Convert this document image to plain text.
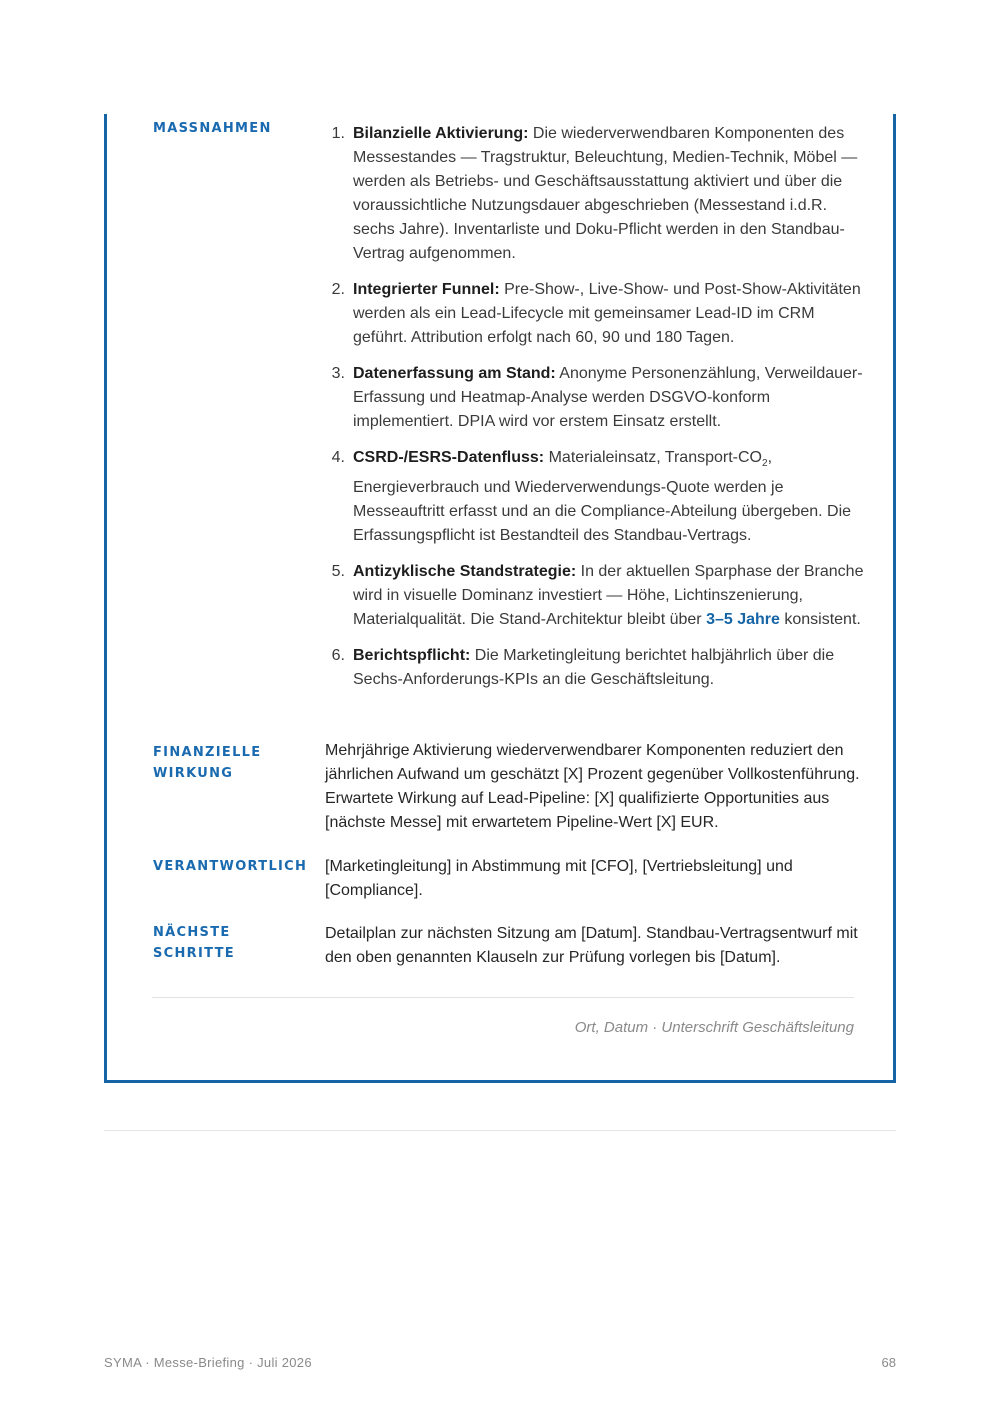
MASSNAHMEN	1. Bilanzielle Aktivierung: Die wiederverwendbaren Komponenten des Messestandes — Tragstruktur, Beleuchtung, Medien-Technik, Möbel — werden als Betriebs- und Geschäftsausstattung aktiviert und über die voraussichtliche Nutzungsdauer abgeschrieben (Messestand i.d.R. sechs Jahre). Inventarliste und Doku-Pflicht werden in den Standbau-Vertrag aufgenommen.
2. Integrierter Funnel: Pre-Show-, Live-Show- und Post-Show-Aktivitäten werden als ein Lead-Lifecycle mit gemeinsamer Lead-ID im CRM geführt. Attribution erfolgt nach 60, 90 und 180 Tagen.
3. Datenerfassung am Stand: Anonyme Personenzählung, Verweildauer-Erfassung und Heatmap-Analyse werden DSGVO-konform implementiert. DPIA wird vor erstem Einsatz erstellt.
4. CSRD-/ESRS-Datenfluss: Materialeinsatz, Transport-$CO_2$, Energieverbrauch und Wiederverwendungs-Quote werden je Messeauftritt erfasst und an die Compliance-Abteilung übergeben. Die Erfassungspflicht ist Bestandteil des Standbau-Vertrags.
5. Antizyklische Standstrategie: In der aktuellen Sparphase der Branche wird in visuelle Dominanz investiert — Höhe, Lichtinszenierung, Materialqualität. Die Stand-Architektur bleibt über 3–5 Jahre konsistent.
6. Berichtspflicht: Die Marketingleitung berichtet halbjährlich über die Sechs-Anforderungs-KPIs an die Geschäftsleitung.
FINANZIELLE
WIRKUNG
Mehrjährige Aktivierung wiederverwendbarer Komponenten reduziert den jährlichen Aufwand um geschätzt [X] Prozent gegenüber Vollkostenführung. Erwartete Wirkung auf Lead-Pipeline: [X] qualifizierte Opportunities aus [nächste Messe] mit erwartetem Pipeline-Wert [X] EUR.
VERANTWORTLICH [Marketingleitung] in Abstimmung mit [CFO], [Vertriebsleitung] und [Compliance].
NÄCHSTE
SCHRITTE
Detailplan zur nächsten Sitzung am [Datum]. Standbau-Vertragsentwurf mit den oben genannten Klauseln zur Prüfung vorlegen bis [Datum].
Ort, Datum · Unterschrift Geschäftsleitung
SYMA · Messe-Briefing · Juli 2026	68
